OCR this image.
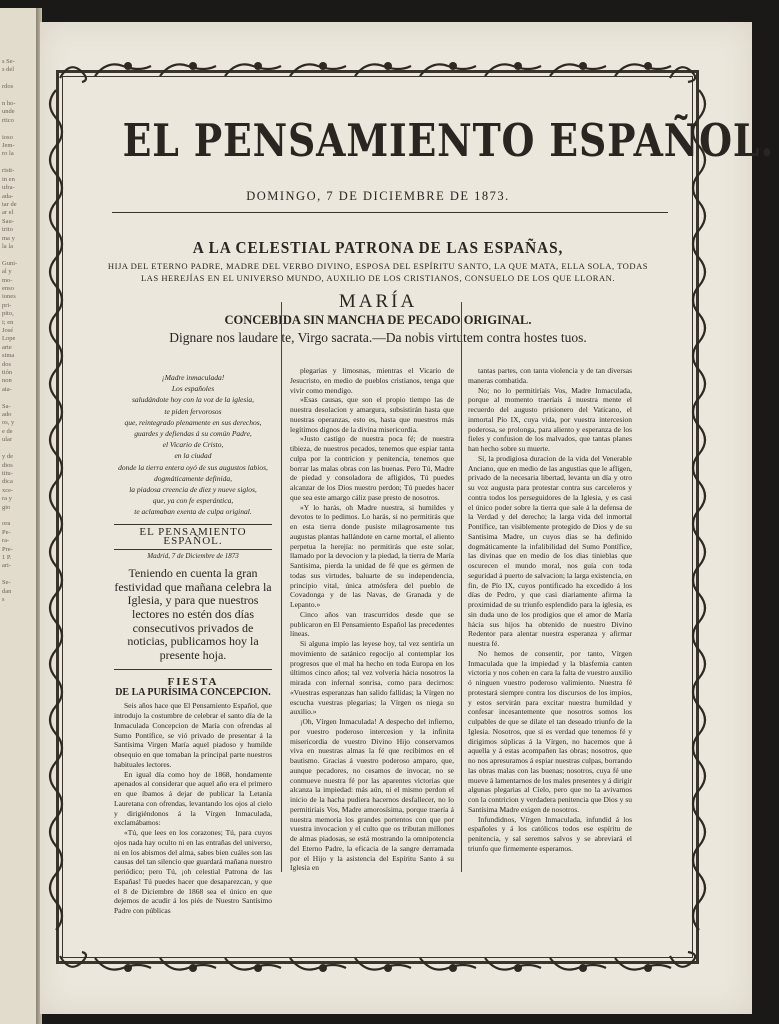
s Se-
s del

rdos

n ho-
unde
rtico

ioso
Jem-
ro la

ristt-
in en
ufra-
ada-
tar de
ar el
Sau-
trito
ma y
la la

Guni-
al y
mo-
enso
iones
pri-
pito,
i; en
José
Lope
arte
sima
dos
tión
non
ata-

Sa-
ado
os, y
e de
ular

y de
dios
titu-
dica
xce-
ra y
gio

ora
Pe-
ra-
Pre-
1 P.
ari-

Se-
dan
s
EL PENSAMIENTO ESPAÑOL.
DOMINGO, 7 DE DICIEMBRE DE 1873.
A LA CELESTIAL PATRONA DE LAS ESPAÑAS,
HIJA DEL ETERNO PADRE, MADRE DEL VERBO DIVINO, ESPOSA DEL ESPÍRITU SANTO, LA QUE MATA, ELLA SOLA, TODAS
LAS HEREJÍAS EN EL UNIVERSO MUNDO, AUXILIO DE LOS CRISTIANOS, CONSUELO DE LOS QUE LLORAN.
MARÍA
CONCEBIDA SIN MANCHA DE PECADO ORIGINAL.
Dignare nos laudare te, Virgo sacrata.—Da nobis virtutem contra hostes tuos.
¡Madre inmaculada!
Los españoles
saludándote hoy con la voz de la iglesia,
te piden fervorosos
que, reintegrado plenamente en sus derechos,
guardes y defiendas á su común Padre,
el Vicario de Cristo,
en la ciudad
donde la tierra entera oyó de sus augustos labios,
dogmáticamente definida,
la piadosa creencia de diez y nueve siglos,
que, ya con fe esperántica,
te aclamaban exenta de culpa original.
EL PENSAMIENTO ESPAÑOL.
Madrid, 7 de Diciembre de 1873
Teniendo en cuenta la gran festividad que mañana celebra la Iglesia, y para que nuestros lectores no estén dos días consecutivos privados de noticias, publicamos hoy la presente hoja.
FIESTA
DE LA PURÍSIMA CONCEPCION.

Seis años hace que El Pensamiento Español, que introdujo la costumbre de celebrar el santo día de la Inmaculada Concepcion de María con ofrendas al Sumo Pontífice, se vió privado de presentar á la Santísima Virgen María aquel piadoso y humilde obsequio en que tomaban la principal parte nuestros habituales lectores.

En igual día como hoy de 1868, hondamente apenados al considerar que aquel año era el primero en que íbamos á dejar de publicar la Letanía Lauretana con ofrendas, levantando los ojos al cielo y dirigiéndonos á la Vírgen Inmaculada, exclamábamos:

«Tú, que lees en los corazones; Tú, para cuyos ojos nada hay oculto ni en las entrañas del universo, ni en los abismos del alma, sabes bien cuáles son las causas del tan silencio que guardará mañana nuestro periódico; pero Tú, ¡oh celestial Patrona de las Españas! Tú puedes hacer que desaparezcan, y que el 8 de Diciembre de 1868 sea el único en que dejemos de acudir á los piés de Nuestro Santísimo Padre con públicas

plegarias y limosnas, mientras el Vicario de Jesucristo, en medio de pueblos cristianos, tenga que vivir como mendigo.

»Esas causas, que son el propio tiempo las de nuestra desolacion y amargura, subsistirán hasta que nuestras operanzas, esto es, hasta que nuestros más legítimos dignos de la divina misericordia.

»Justo castigo de nuestra poca fé; de nuestra tibieza, de nuestros pecados, tenemos que espiar tanta culpa por la contricion y penitencia, tenemos que borrar las malas obras con las buenas. Pero Tú, Madre de piedad y consoladora de afligidos, Tú puedes alcanzar de los Dios nuestro perdon; Tú puedes hacer que sea este amargo cáliz pase presto de nosotros.

»Y lo harás, oh Madre nuestra, si humildes y devotos te lo pedimos. Lo harás, si no permitirás que en esta tierra donde pusiste milagrosamente tus augustas plantas hallándote en carne mortal, el aliento perpetua la herejía: no permitirás que este solar, llamado por la devocion y la piedad, la tierra de María Santísima, pierda la unidad de fé que es gérmen de todas sus virtudes, baluarte de su independencia, principio vital, única atmósfera del pueblo de Covadonga y de las Navas, de Granada y de Lepanto.»

Cinco años van trascurridos desde que se publicaron en El Pensamiento Español las precedentes líneas.

Si alguna impío las leyese hoy, tal vez sentiría un movimiento de satánico regocijo al contemplar los progresos que el mal ha hecho en toda Europa en los últimos cinco años; tal vez volvería hácia nosotros la mirada con infernal sonrisa, como para decirnos: «Vuestras esperanzas han salido fallidas; la Vírgen no escucha vuestras plegarias; la Vírgen os niega su auxilio.»

¡Oh, Vírgen Inmaculada! A despecho del infierno, por vuestro poderoso intercesion y la infinita misericordia de vuestro Divino Hijo conservamos viva en nuestras almas la fé que recibimos en el bautismo. Gracias á vuestro poderoso amparo, que, aunque pecadores, no cesamos de invocar, no se conmueve nuestra fé por las aparentes victorias que alcanza la impiedad: más aún, ni el mismo perdon el inicio de la hacha pudiera hacernos desfallecer, no lo permitiríais Vos, Madre amorosísima, porque traería á nuestra memoria los grandes portentos con que por vuestra invocacion y el culto que os tributan millones de almas piadosas, se está mostrando la omnipotencia del Eterno Padre, la eficacia de la sangre derramada por el Hijo y la asistencia del Espíritu Santo á su Iglesia en

tantas partes, con tanta violencia y de tan diversas maneras combatida.

No; no lo permitiríais Vos, Madre Inmaculada, porque al momento traeríais á nuestra mente el recuerdo del augusto prisionero del Vaticano, el inmortal Pío IX, cuya vida, por vuestra intercesion poderosa, se prolonga, para aliento y esperanza de los fieles y confusion de los malvados, que tantas planes han hecho sobre su muerte.

Sí, la prodigiosa duracion de la vida del Venerable Anciano, que en medio de las angustias que le afligen, privado de la necesaria libertad, levanta un día y otro su voz augusta para protestar contra sus carceleros y contra todos los perseguidores de la Iglesia, y es casi el único poder sobre la tierra que sale á la defensa de la Verdad y del derecho; la larga vida del inmortal Pontífice, tan visiblemente protegido de Dios y de su Santísima Madre, un cuyos días se ha definido dogmáticamente la infalibilidad del Sumo Pontífice, las divinas que en medio de los dias tinieblas que oscurecen el mundo moral, nos guía con toda seguridad á puerto de salvacion; la larga existencia, en fin, de Pío IX, cuyos pontificado ha excedido á los días de Pedro, y que casi diariamente afirma la proximidad de su triunfo esplendido para la iglesia, es sin duda uno de los prodigios que el amor de María hácia sus hijos ha obtenido de nuestro Divino Redentor para alentar nuestra esperanza y afirmar nuestra fé.

No hemos de consentir, por tanto, Vírgen Inmaculada que la impiedad y la blasfemia canten victoria y nos cohen en cara la falta de vuestro auxilio ó ninguen vuestro poderoso valimiento. Nuestra fé protestará siempre contra los discursos de los impíos, y estos servirán para excitar nuestra humildad y confesar incesantemente que nosotros somos los culpables de que se dilate el tan deseado triunfo de la Iglesia. Nosotros, que si es verdad que tenemos fé y dirigimos súplicas á la Vírgen, no hacemos que á aquella y á estas acompañen las obras; nosotros, que no nos apresuramos á espiar nuestras culpas, borrando las obras malas con las buenas; nosotros, cuya fé une mueve á lamentarnos de los males presentes y á dirigir algunas plegarias al Cielo, pero que no la avivamos con la contricion y verdadera penitencia que Dios y su Santísima Madre exigen de nosotros.

Infundidnos, Vírgen Inmaculada, infundid á los españoles y á los católicos todos ese espíritu de penitencia, y sal seremos salvos y se abreviará el triunfo que firmemente esperamos.
